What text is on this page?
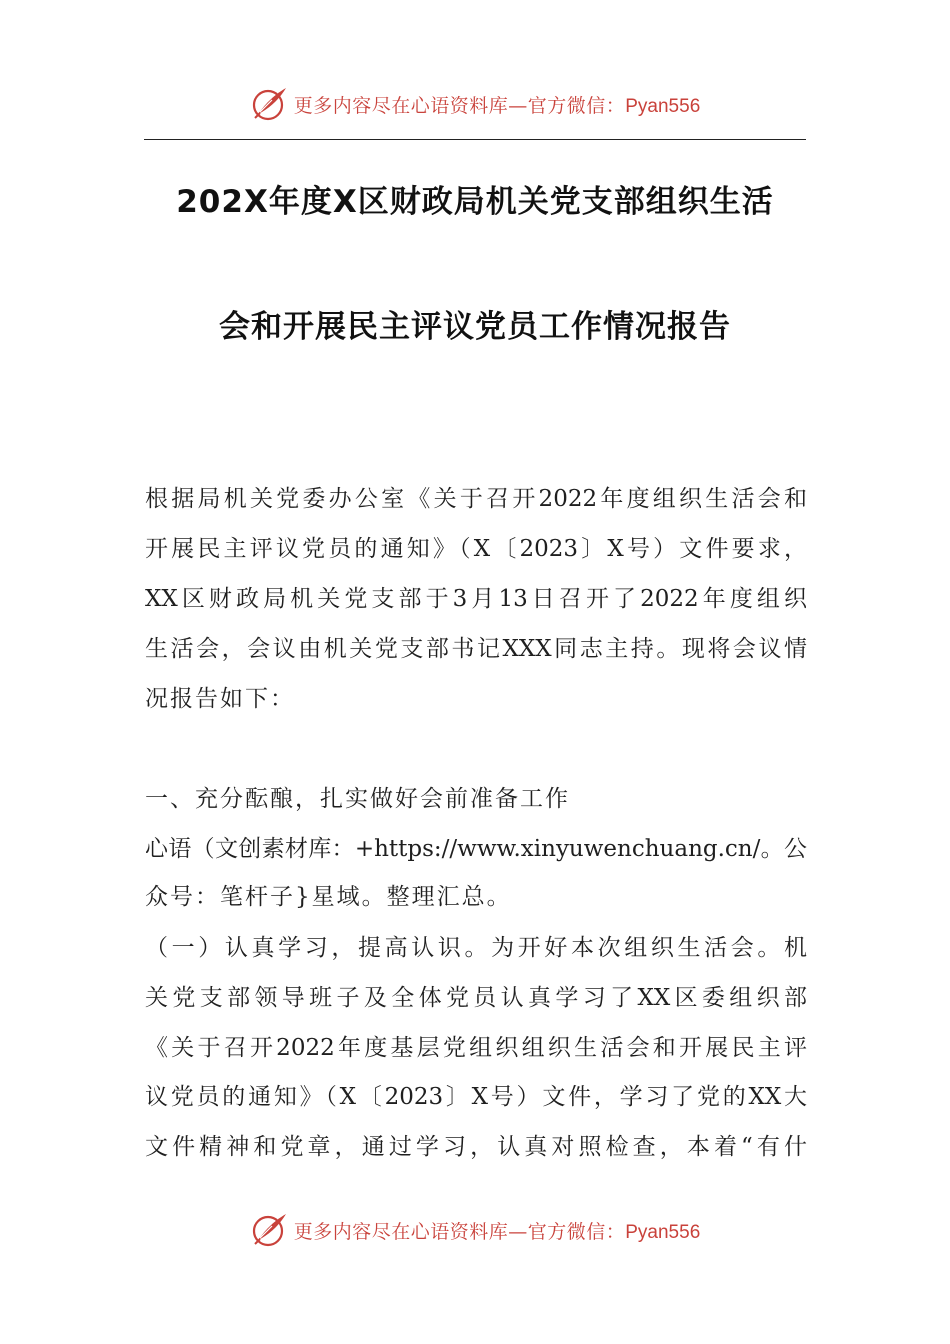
更多内容尽在心语资料库—官方微信：Pyan556
202X年度X区财政局机关党支部组织生活
会和开展民主评议党员工作情况报告
根据局机关党委办公室《关于召开2022年度组织生活会和
开展民主评议党员的通知》（X〔2023〕X号）文件要求，
XX区财政局机关党支部于3月13日召开了2022年度组织
生活会，会议由机关党支部书记XXX同志主持。现将会议情
况报告如下：
一、充分酝酿，扎实做好会前准备工作
心语（文创素材库：+https://www.xinyuwenchuang.cn/。公
众号：笔杆子}星域。整理汇总。
（一）认真学习，提高认识。为开好本次组织生活会。机
关党支部领导班子及全体党员认真学习了XX区委组织部
《关于召开2022年度基层党组织组织生活会和开展民主评
议党员的通知》（X〔2023〕X号）文件，学习了党的XX大
文件精神和党章，通过学习，认真对照检查，本着“有什
更多内容尽在心语资料库—官方微信：Pyan556
